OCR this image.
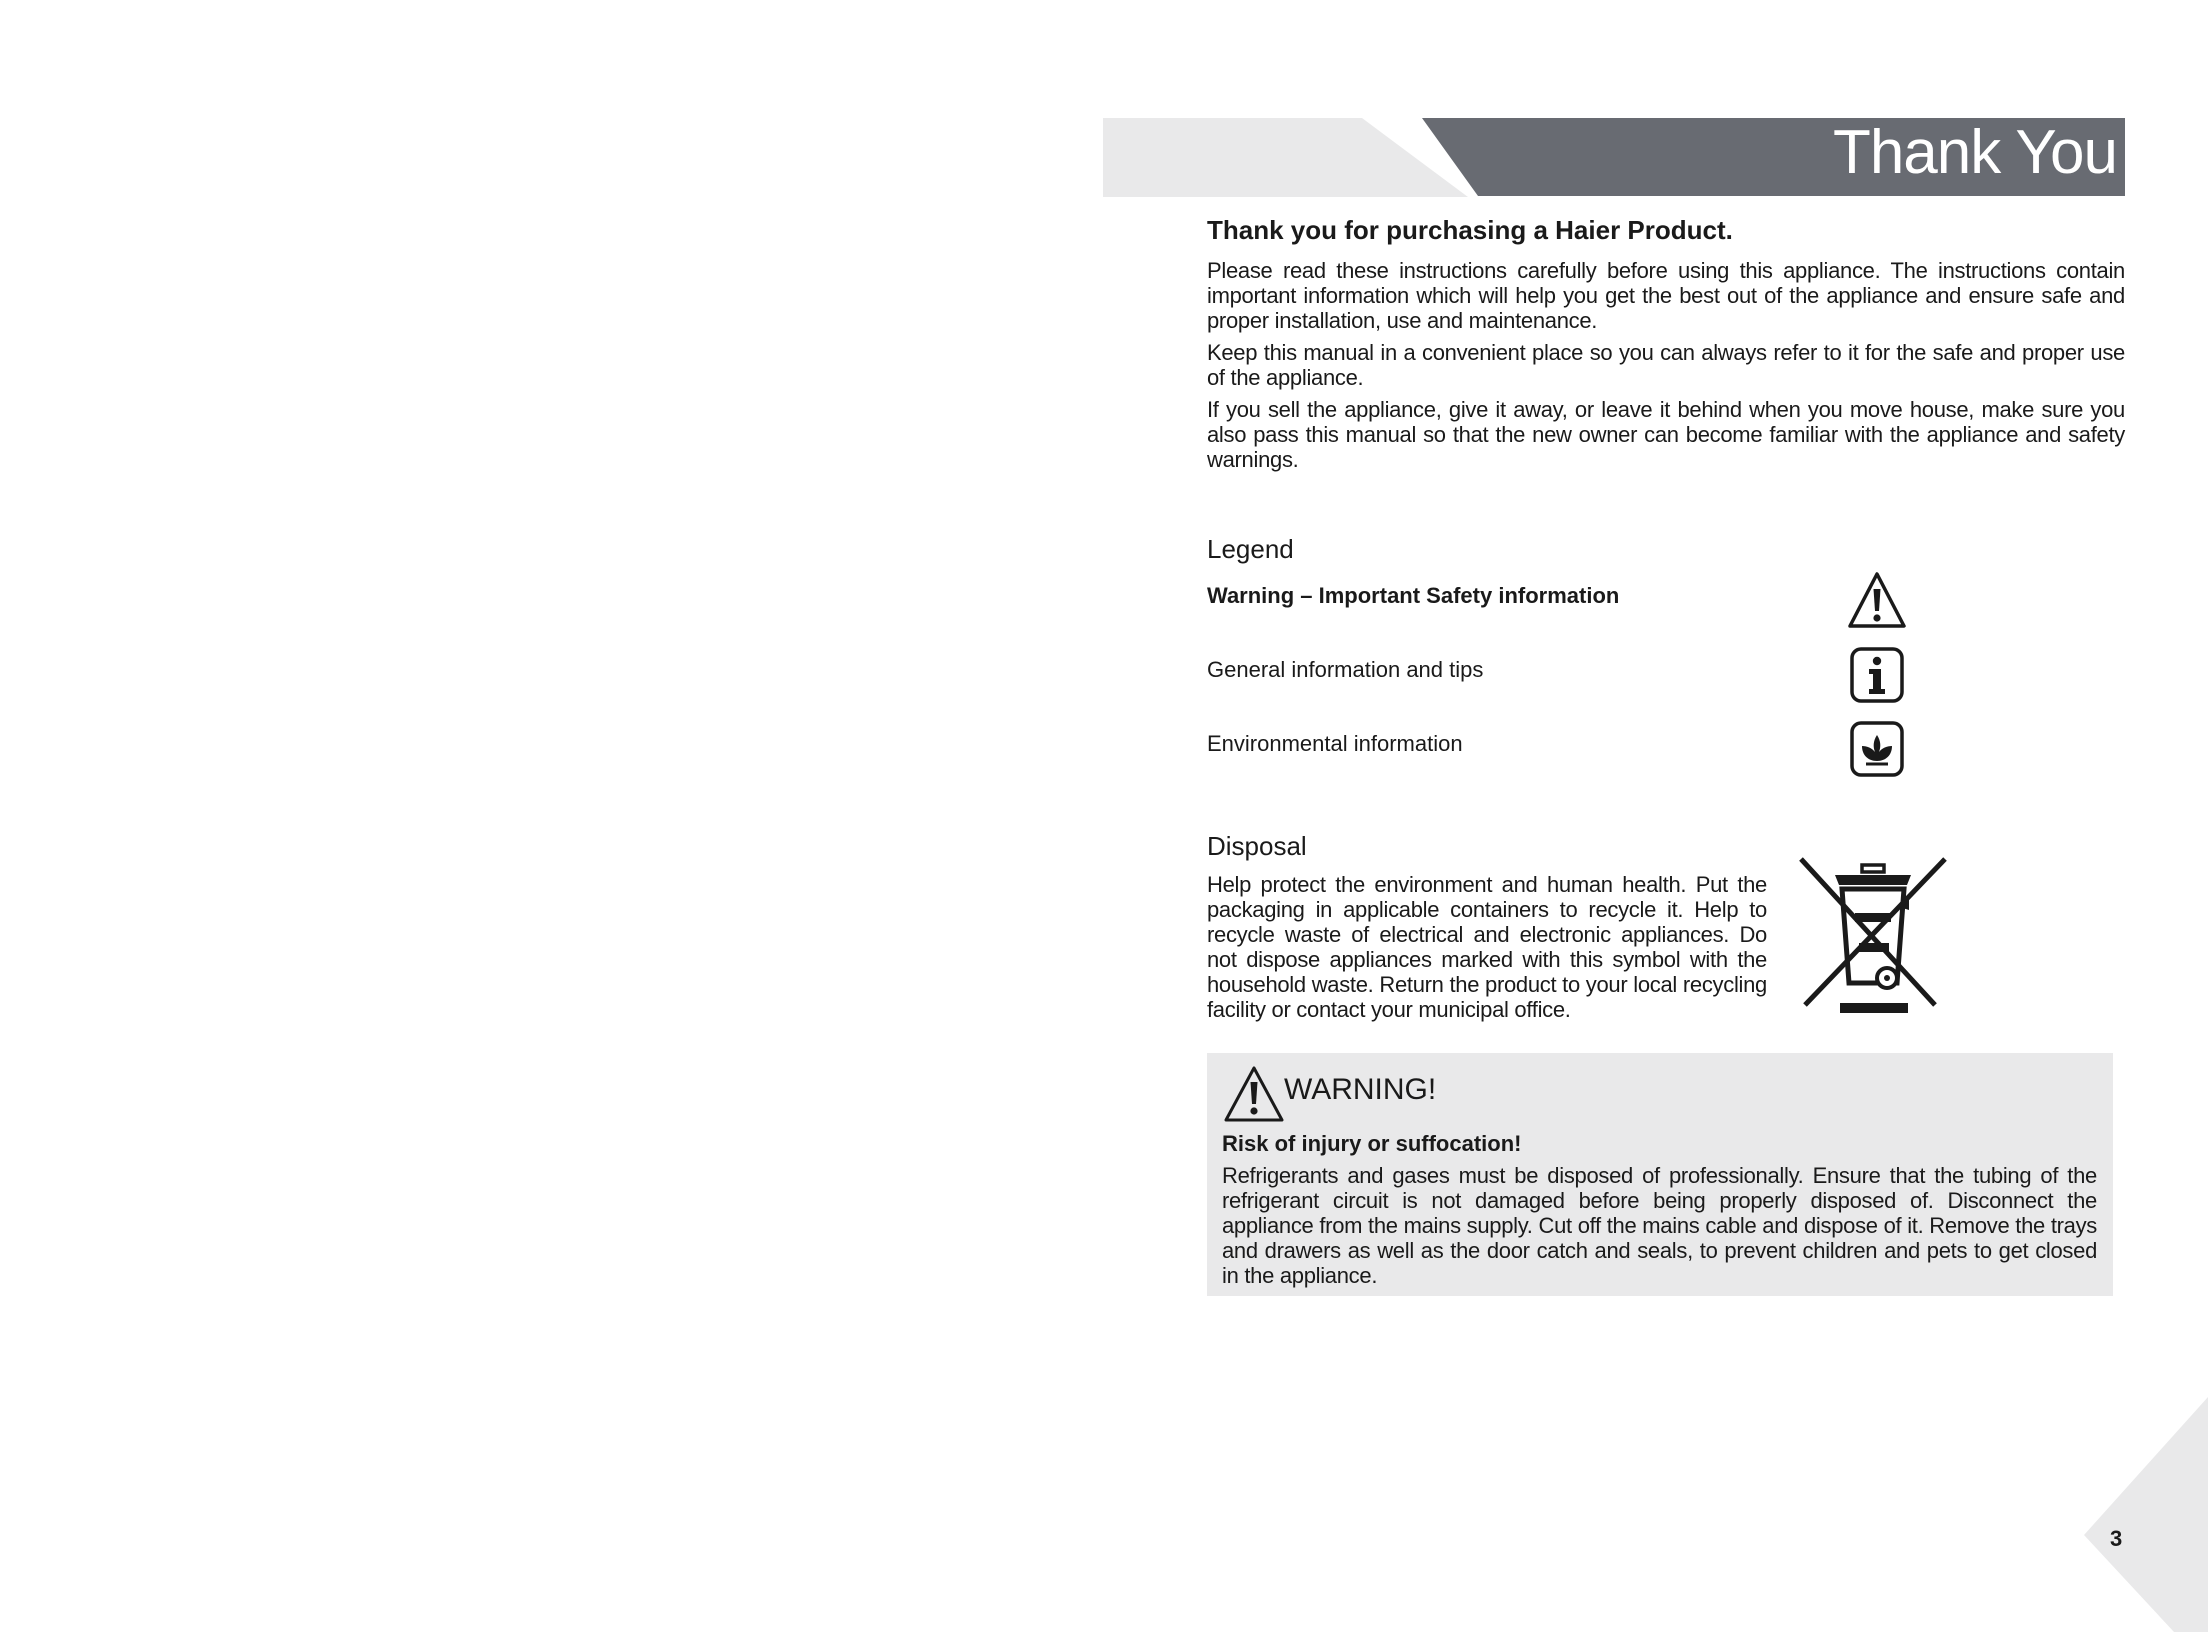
Thank You
Thank you for purchasing a Haier Product.
Please read these instructions carefully before using this appliance. The instructions contain important information which will help you get the best out of the appliance and ensure safe and proper installation, use and maintenance.
Keep this manual in a convenient place so you can always refer to it for the safe and proper use of the appliance.
If you sell the appliance, give it away, or leave it behind when you move house, make sure you also pass this manual so that the new owner can become familiar with the appliance and safety warnings.
Legend
Warning – Important Safety information
General information and tips
Environmental information
Disposal
Help protect the environment and human health. Put the packaging in applicable containers to recycle it. Help to recycle waste of electrical and electronic appliances. Do not dispose appliances marked with this symbol with the household waste. Return the product to your local recycling facility or contact your municipal office.
WARNING!
Risk of injury or suffocation!
Refrigerants and gases must be disposed of professionally. Ensure that the tubing of the refrigerant circuit is not damaged before being properly disposed of. Disconnect the appliance from the mains supply. Cut off the mains cable and dispose of it. Remove the trays and drawers as well as the door catch and seals, to prevent children and pets to get closed in the appliance.
3
